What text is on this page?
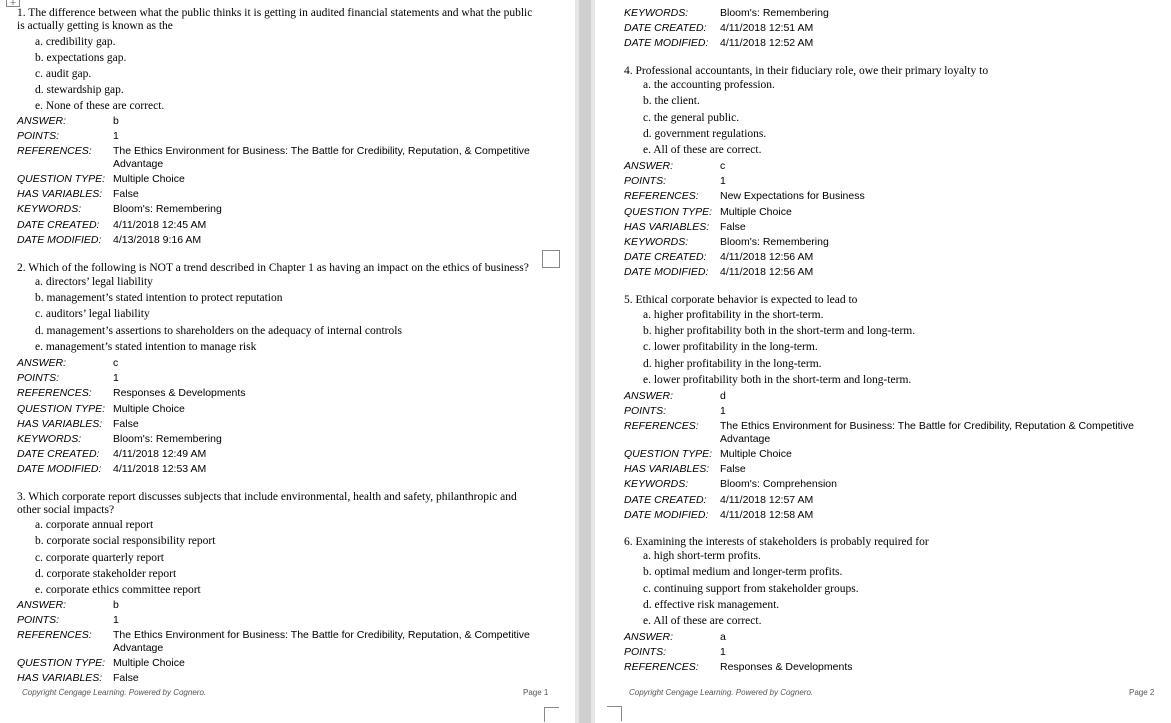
+
1. The difference between what the public thinks it is getting in audited financial statements and what the public
is actually getting is known as the
a. credibility gap.
b. expectations gap.
c. audit gap.
d. stewardship gap.
e. None of these are correct.
ANSWER:	b
POINTS:	1
REFERENCES: The Ethics Environment for Business: The Battle for Credibility, Reputation, & Competitive
Advantage
QUESTION TYPE: Multiple Choice
HAS VARIABLES: False
KEYWORDS:	Bloom's: Remembering
DATE CREATED: 4/11/2018 12:45 AM
DATE MODIFIED: 4/13/2018 9:16 AM
2. Which of the following is NOT a trend described in Chapter 1 as having an impact on the ethics of business?
a. directors’ legal liability
b. management’s stated intention to protect reputation
c. auditors’ legal liability
d. management’s assertions to shareholders on the adequacy of internal controls
e. management’s stated intention to manage risk
ANSWER:	c
POINTS:	1
REFERENCES: Responses & Developments
QUESTION TYPE: Multiple Choice
HAS VARIABLES: False
KEYWORDS:	Bloom's: Remembering
DATE CREATED: 4/11/2018 12:49 AM
DATE MODIFIED: 4/11/2018 12:53 AM
3. Which corporate report discusses subjects that include environmental, health and safety, philanthropic and
other social impacts?
a. corporate annual report
b. corporate social responsibility report
c. corporate quarterly report
d. corporate stakeholder report
e. corporate ethics committee report
ANSWER:	b
POINTS:	1
REFERENCES: The Ethics Environment for Business: The Battle for Credibility, Reputation, & Competitive
Advantage
QUESTION TYPE: Multiple Choice
HAS VARIABLES: False
Copyright Cengage Learning. Powered by Cognero.	Page 1
KEYWORDS:	Bloom's: Remembering
DATE CREATED: 4/11/2018 12:51 AM
DATE MODIFIED: 4/11/2018 12:52 AM
4. Professional accountants, in their fiduciary role, owe their primary loyalty to
a. the accounting profession.
b. the client.
c. the general public.
d. government regulations.
e. All of these are correct.
ANSWER:	c
POINTS:	1
REFERENCES: New Expectations for Business
QUESTION TYPE: Multiple Choice
HAS VARIABLES: False
KEYWORDS:	Bloom's: Remembering
DATE CREATED: 4/11/2018 12:56 AM
DATE MODIFIED: 4/11/2018 12:56 AM
5. Ethical corporate behavior is expected to lead to
a. higher profitability in the short-term.
b. higher profitability both in the short-term and long-term.
c. lower profitability in the long-term.
d. higher profitability in the long-term.
e. lower profitability both in the short-term and long-term.
ANSWER:	d
POINTS:	1
REFERENCES: The Ethics Environment for Business: The Battle for Credibility, Reputation & Competitive
Advantage
QUESTION TYPE: Multiple Choice
HAS VARIABLES: False
KEYWORDS:	Bloom's: Comprehension
DATE CREATED: 4/11/2018 12:57 AM
DATE MODIFIED: 4/11/2018 12:58 AM
6. Examining the interests of stakeholders is probably required for
a. high short-term profits.
b. optimal medium and longer-term profits.
c. continuing support from stakeholder groups.
d. effective risk management.
e. All of these are correct.
ANSWER:	a
POINTS:	1
REFERENCES: Responses & Developments
Copyright Cengage Learning. Powered by Cognero.	Page 2
